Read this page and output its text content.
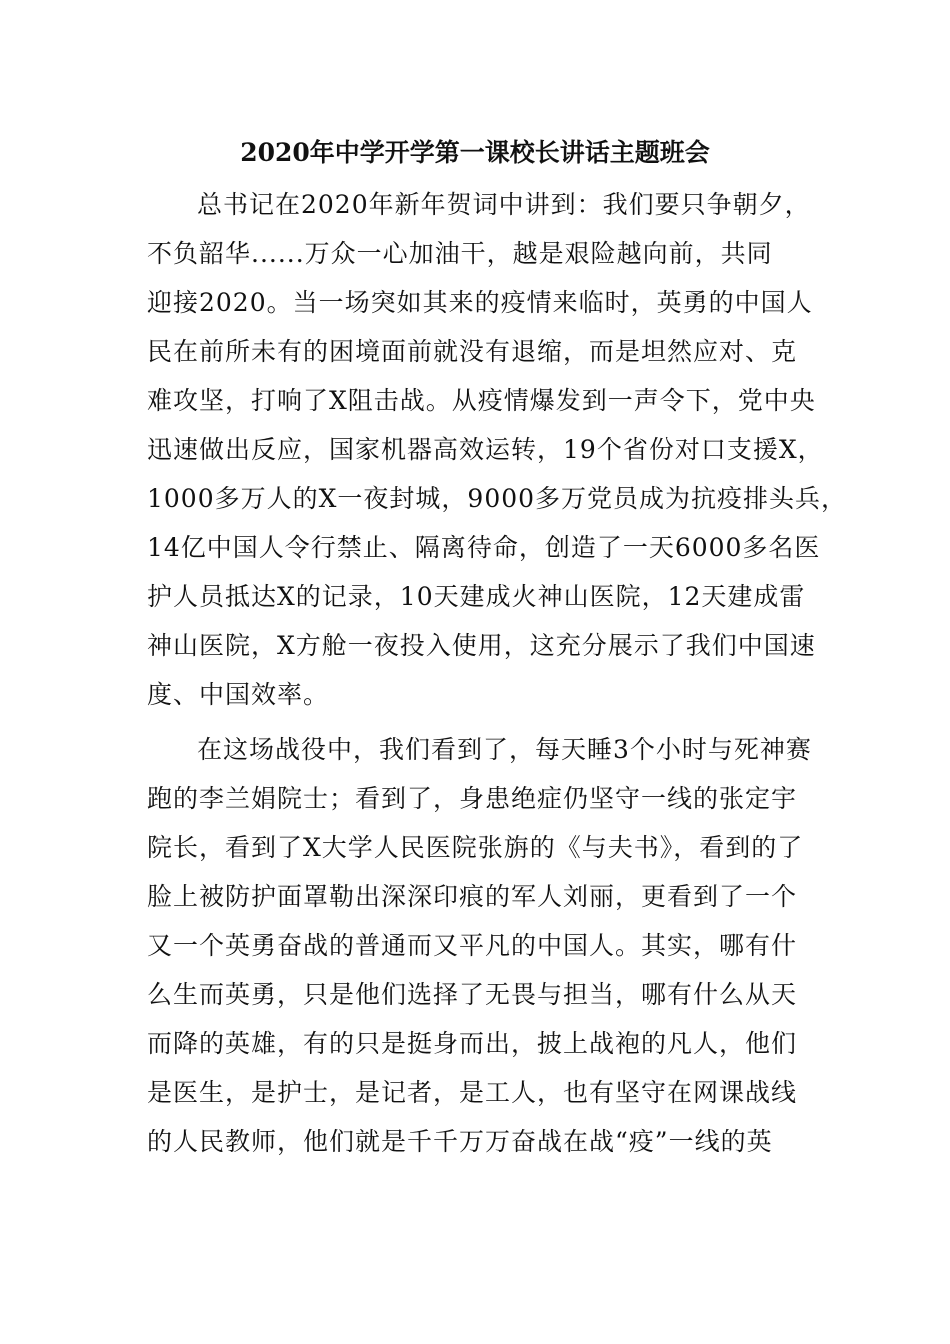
2020年中学开学第一课校长讲话主题班会

总书记在2020年新年贺词中讲到：我们要只争朝夕，
不负韶华......万众一心加油干，越是艰险越向前，共同
迎接2020。当一场突如其来的疫情来临时，英勇的中国人
民在前所未有的困境面前就没有退缩，而是坦然应对、克
难攻坚，打响了X阻击战。从疫情爆发到一声令下，党中央
迅速做出反应，国家机器高效运转，19个省份对口支援X，
1000多万人的X一夜封城，9000多万党员成为抗疫排头兵，
14亿中国人令行禁止、隔离待命，创造了一天6000多名医
护人员抵达X的记录，10天建成火神山医院，12天建成雷
神山医院，X方舱一夜投入使用，这充分展示了我们中国速
度、中国效率。

在这场战役中，我们看到了，每天睡3个小时与死神赛
跑的李兰娟院士；看到了，身患绝症仍坚守一线的张定宇
院长，看到了X大学人民医院张旃的《与夫书》，看到的了
脸上被防护面罩勒出深深印痕的军人刘丽，更看到了一个
又一个英勇奋战的普通而又平凡的中国人。其实，哪有什
么生而英勇，只是他们选择了无畏与担当，哪有什么从天
而降的英雄，有的只是挺身而出，披上战袍的凡人，他们
是医生，是护士，是记者，是工人，也有坚守在网课战线
的人民教师，他们就是千千万万奋战在战“疫”一线的英
